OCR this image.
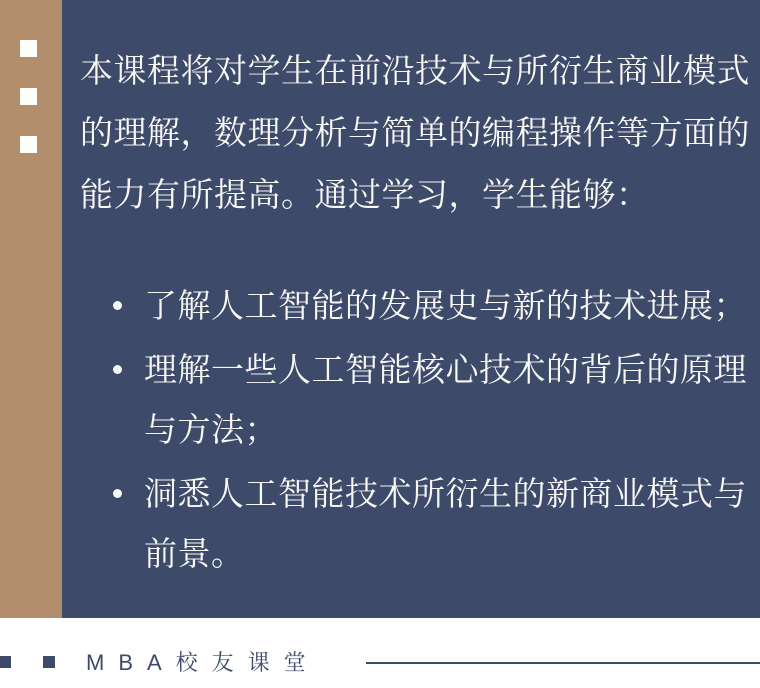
本课程将对学生在前沿技术与所衍生商业模式
的理解，数理分析与简单的编程操作等方面的
能力有所提高。通过学习，学生能够：
了解人工智能的发展史与新的技术进展；
理解一些人工智能核心技术的背后的原理
与方法；
洞悉人工智能技术所衍生的新商业模式与
前景。
MBA校友课堂
